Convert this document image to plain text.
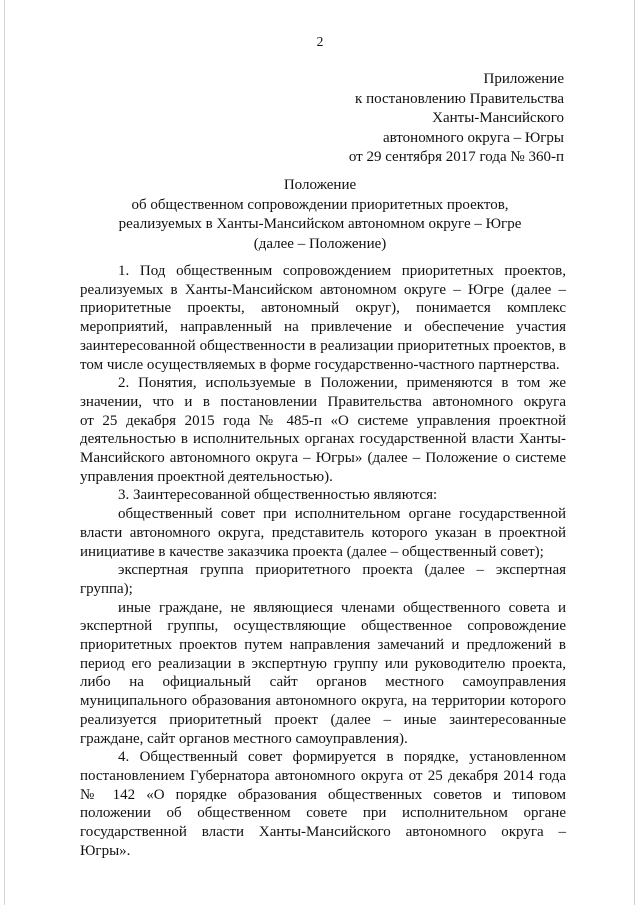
2
Приложение
к постановлению Правительства
Ханты-Мансийского
автономного округа – Югры
от 29 сентября 2017 года № 360-п
Положение
об общественном сопровождении приоритетных проектов,
реализуемых в Ханты-Мансийском автономном округе – Югре
(далее – Положение)
1. Под общественным сопровождением приоритетных проектов,
реализуемых в Ханты-Мансийском автономном округе – Югре (далее –
приоритетные проекты, автономный округ), понимается комплекс
мероприятий, направленный на привлечение и обеспечение участия
заинтересованной общественности в реализации приоритетных проектов, в
том числе осуществляемых в форме государственно-частного партнерства.
2. Понятия, используемые в Положении, применяются в том же
значении, что и в постановлении Правительства автономного округа
от 25 декабря 2015 года № 485-п «О системе управления проектной
деятельностью в исполнительных органах государственной власти Ханты-
Мансийского автономного округа – Югры» (далее – Положение о системе
управления проектной деятельностью).
3. Заинтересованной общественностью являются:
общественный совет при исполнительном органе государственной
власти автономного округа, представитель которого указан в проектной
инициативе в качестве заказчика проекта (далее – общественный совет);
экспертная группа приоритетного проекта (далее – экспертная
группа);
иные граждане, не являющиеся членами общественного совета и
экспертной группы, осуществляющие общественное сопровождение
приоритетных проектов путем направления замечаний и предложений в
период его реализации в экспертную группу или руководителю проекта,
либо на официальный сайт органов местного самоуправления
муниципального образования автономного округа, на территории которого
реализуется приоритетный проект (далее – иные заинтересованные
граждане, сайт органов местного самоуправления).
4. Общественный совет формируется в порядке, установленном
постановлением Губернатора автономного округа от 25 декабря 2014 года
№ 142 «О порядке образования общественных советов и типовом
положении об общественном совете при исполнительном органе
государственной власти Ханты-Мансийского автономного округа –
Югры».
